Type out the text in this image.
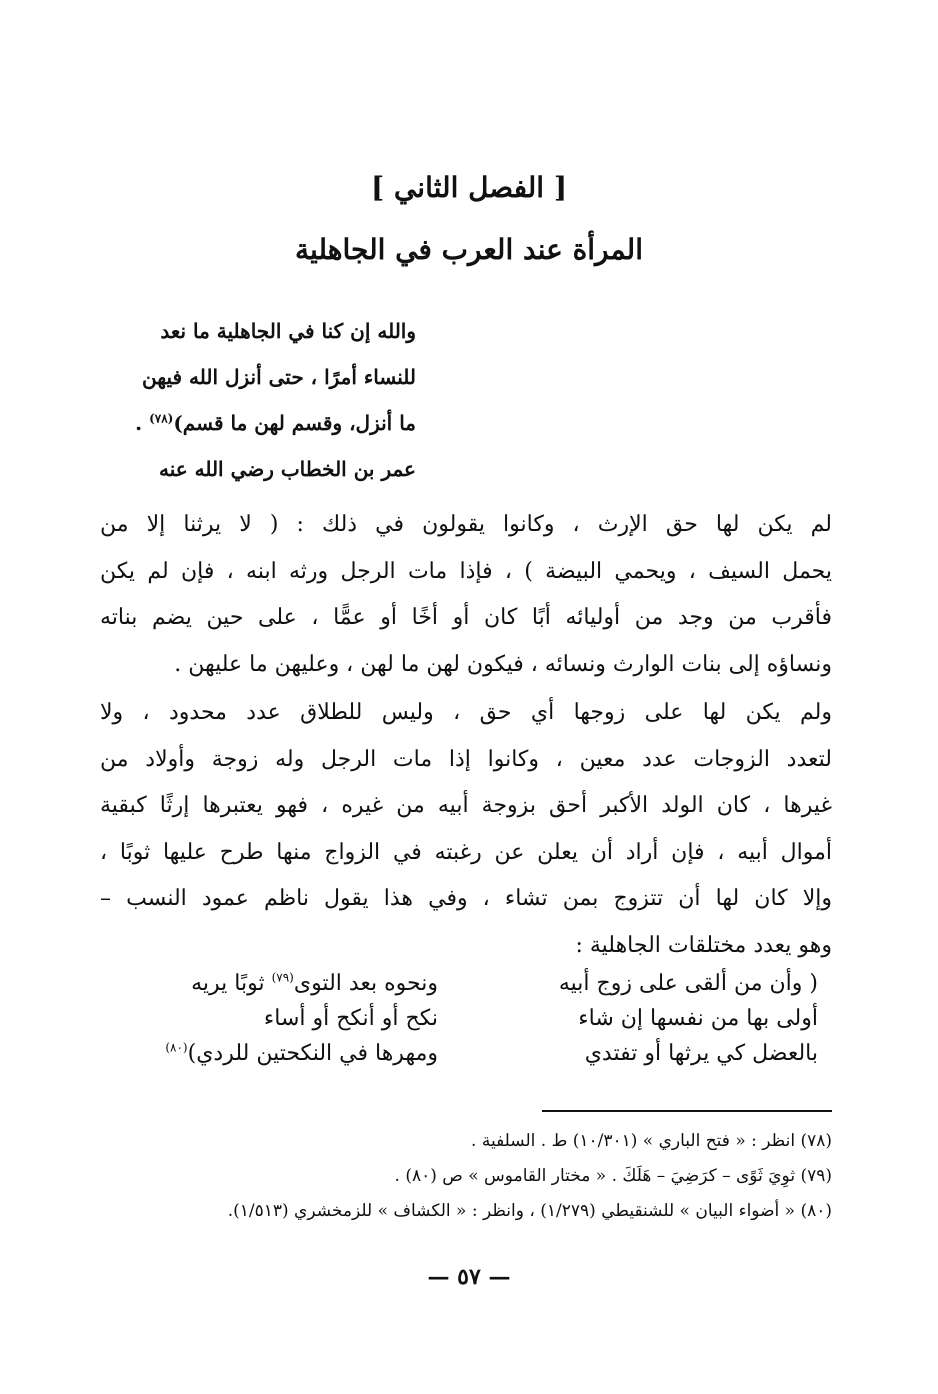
[ الفصل الثاني ]
المرأة عند العرب في الجاهلية
والله إن كنا في الجاهلية ما نعد
للنساء أمرًا ، حتى أنزل الله فيهن
ما أنزل، وقسم لهن ما قسم)$^{(٧٨)}$ .
عمر بن الخطاب رضي الله عنه
لم يكن لها حق الإرث ، وكانوا يقولون في ذلك : ( لا يرثنا إلا من
يحمل السيف ، ويحمي البيضة ) ، فإذا مات الرجل ورثه ابنه ، فإن لم يكن
فأقرب من وجد من أوليائه أبًا كان أو أخًا أو عمًّا ، على حين يضم بناته
ونساؤه إلى بنات الوارث ونسائه ، فيكون لهن ما لهن ، وعليهن ما عليهن .
ولم يكن لها على زوجها أي حق ، وليس للطلاق عدد محدود ، ولا
لتعدد الزوجات عدد معين ، وكانوا إذا مات الرجل وله زوجة وأولاد من
غيرها ، كان الولد الأكبر أحق بزوجة أبيه من غيره ، فهو يعتبرها إرثًا كبقية
أموال أبيه ، فإن أراد أن يعلن عن رغبته في الزواج منها طرح عليها ثوبًا ،
وإلا كان لها أن تتزوج بمن تشاء ، وفي هذا يقول ناظم عمود النسب –
وهو يعدد مختلقات الجاهلية :
( وأن من ألقى على زوج أبيه
ونحوه بعد التوى$^{(٧٩)}$ ثوبًا يريه
أولى بها من نفسها إن شاء
نكح أو أنكح أو أساء
بالعضل كي يرثها أو تفتدي
ومهرها في النكحتين للردي)$^{(٨٠)}$
(٧٨) انظر : « فتح الباري » (١٠/٣٠١) ط . السلفية .
(٧٩) ثوِيَ ثَوًى – كرَضِيَ – هَلَكَ . « مختار القاموس » ص (٨٠) .
(٨٠) « أضواء البيان » للشنقيطي (١/٢٧٩) ، وانظر : « الكشاف » للزمخشري (١/٥١٣).
— ٥٧ —
